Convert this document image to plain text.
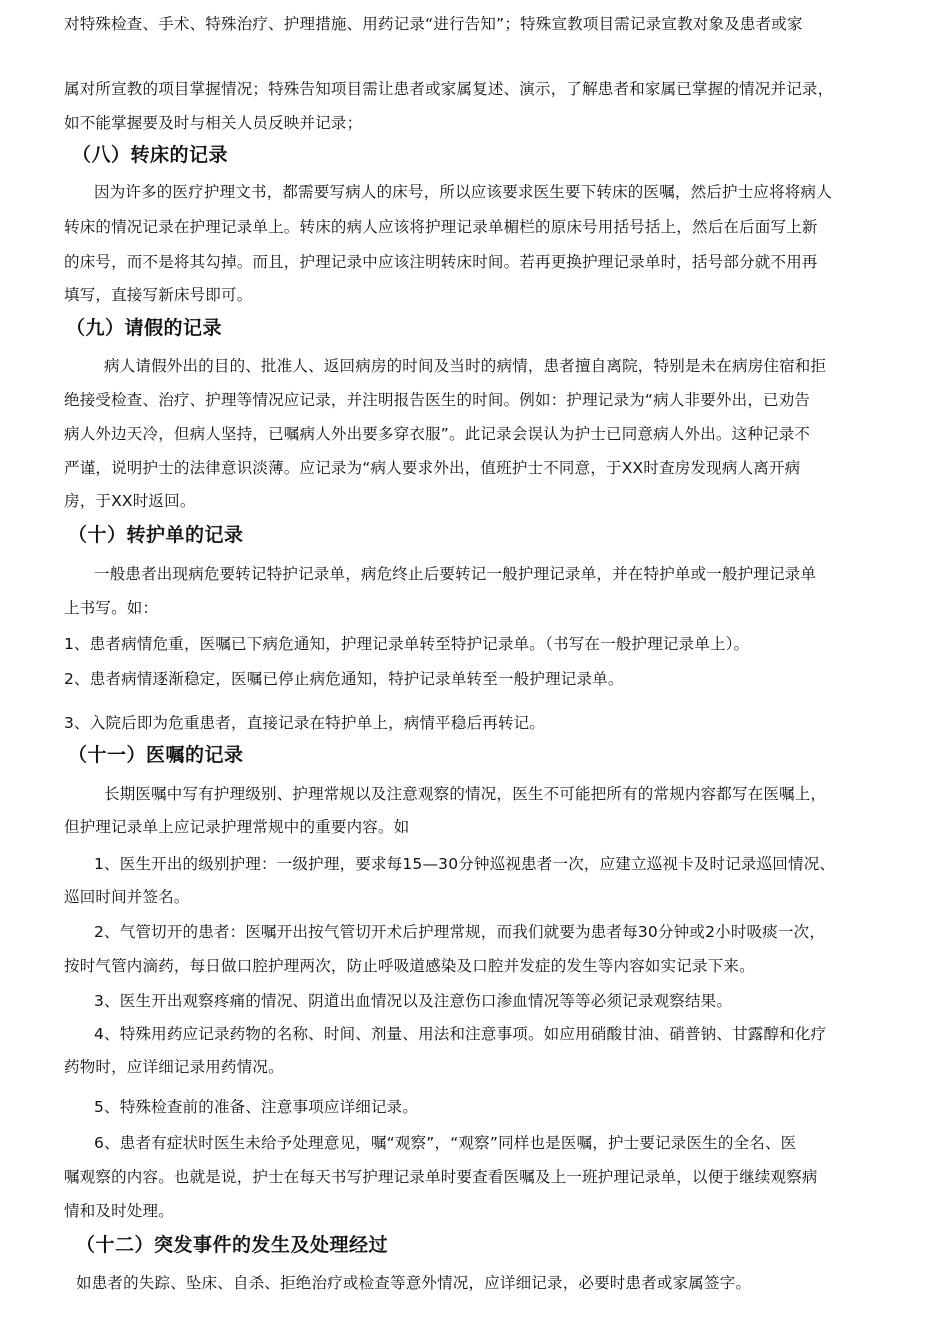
对特殊检查、手术、特殊治疗、护理措施、用药记录“进行告知”；特殊宣教项目需记录宣教对象及患者或家

属对所宣教的项目掌握情况；特殊告知项目需让患者或家属复述、演示，了解患者和家属已掌握的情况并记录，

如不能掌握要及时与相关人员反映并记录；

（八）转床的记录

因为许多的医疗护理文书，都需要写病人的床号，所以应该要求医生要下转床的医嘱，然后护士应将将病人

转床的情况记录在护理记录单上。转床的病人应该将护理记录单楣栏的原床号用括号括上，然后在后面写上新

的床号，而不是将其勾掉。而且，护理记录中应该注明转床时间。若再更换护理记录单时，括号部分就不用再

填写，直接写新床号即可。

（九）请假的记录

病人请假外出的目的、批准人、返回病房的时间及当时的病情，患者擅自离院，特别是未在病房住宿和拒

绝接受检查、治疗、护理等情况应记录，并注明报告医生的时间。例如：护理记录为“病人非要外出，已劝告

病人外边天冷，但病人坚持，已嘱病人外出要多穿衣服”。此记录会误认为护士已同意病人外出。这种记录不

严谨，说明护士的法律意识淡薄。应记录为“病人要求外出，值班护士不同意，于XX时查房发现病人离开病

房，于XX时返回。

（十）转护单的记录

一般患者出现病危要转记特护记录单，病危终止后要转记一般护理记录单，并在特护单或一般护理记录单

上书写。如：

1、患者病情危重，医嘱已下病危通知，护理记录单转至特护记录单。（书写在一般护理记录单上）。

2、患者病情逐渐稳定，医嘱已停止病危通知，特护记录单转至一般护理记录单。

3、入院后即为危重患者，直接记录在特护单上，病情平稳后再转记。

（十一）医嘱的记录

长期医嘱中写有护理级别、护理常规以及注意观察的情况，医生不可能把所有的常规内容都写在医嘱上，

但护理记录单上应记录护理常规中的重要内容。如

1、医生开出的级别护理：一级护理，要求每15—30分钟巡视患者一次，应建立巡视卡及时记录巡回情况、

巡回时间并签名。

2、气管切开的患者：医嘱开出按气管切开术后护理常规，而我们就要为患者每30分钟或2小时吸痰一次，

按时气管内滴药，每日做口腔护理两次，防止呼吸道感染及口腔并发症的发生等内容如实记录下来。

3、医生开出观察疼痛的情况、阴道出血情况以及注意伤口渗血情况等等必须记录观察结果。

4、特殊用药应记录药物的名称、时间、剂量、用法和注意事项。如应用硝酸甘油、硝普钠、甘露醇和化疗

药物时，应详细记录用药情况。

5、特殊检查前的准备、注意事项应详细记录。

6、患者有症状时医生未给予处理意见，嘱“观察”，“观察”同样也是医嘱，护士要记录医生的全名、医

嘱观察的内容。也就是说，护士在每天书写护理记录单时要查看医嘱及上一班护理记录单，以便于继续观察病

情和及时处理。

（十二）突发事件的发生及处理经过

如患者的失踪、坠床、自杀、拒绝治疗或检查等意外情况，应详细记录，必要时患者或家属签字。
